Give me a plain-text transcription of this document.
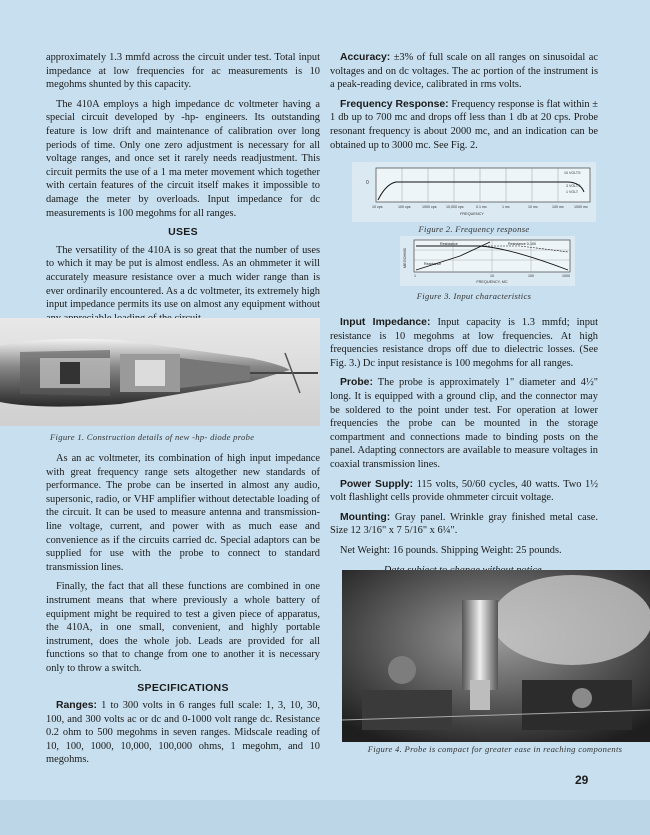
approximately 1.3 mmfd across the circuit under test. Total input impedance at low frequencies for ac measurements is 10 megohms shunted by this capacity.

The 410A employs a high impedance dc voltmeter having a special circuit developed by -hp- engineers. Its outstanding feature is low drift and maintenance of calibration over long periods of time. Only one zero adjustment is necessary for all voltage ranges, and once set it rarely needs readjustment. This circuit permits the use of a 1 ma meter movement which together with certain features of the circuit itself makes it impossible to damage the meter by overloads. Input impedance for dc measurements is 100 megohms for all ranges.

USES

The versatility of the 410A is so great that the number of uses to which it may be put is almost endless. As an ohmmeter it will accurately measure resistance over a much wider range than is ever ordinarily encountered. As a dc voltmeter, its extremely high input impedance permits its use on almost any equipment without

Figure 1. Construction details of new -hp- diode probe

As an ac voltmeter, its combination of high input impedance with great frequency range sets altogether new standards of performance. The probe can be inserted in almost any audio, supersonic, radio, or VHF amplifier without detectable loading of the circuit. It can be used to measure antenna and transmission-line voltage, current, and power with as much ease and convenience as if the circuits carried dc. Special adaptors can be supplied for use with the probe to connect to standard transmission lines.

Finally, the fact that all these functions are combined in one instrument means that where previously a whole battery of equipment might be required to test a given piece of apparatus, the 410A, in one small, convenient, and highly portable instrument, does the whole job. Leads are provided for all functions so that to change from one to another it is necessary only to throw a switch.

SPECIFICATIONS

Ranges: 1 to 300 volts in 6 ranges full scale: 1, 3, 10, 30, 100, and 300 volts ac or dc and 0-1000 volt range dc. Resistance 0.2 ohm to 500 megohms in seven ranges. Midscale reading of 10, 100, 1000, 10,000, 100,000 ohms, 1 megohm, and 10 megohms.

Accuracy: ±3% of full scale on all ranges on sinusoidal ac voltages and on dc voltages. The ac portion of the instrument is a peak-reading device, calibrated in rms volts.

Frequency Response: Frequency response is flat within ± 1 db up to 700 mc and drops off less than 1 db at 20 cps. Probe resonant frequency is about 2000 mc, and an indication can be obtained up to 3000 mc. See Fig. 2.

0
10 VOLTS
3 VOLTS
1 VOLT
10 cps	100 cps	1000 cps	10,000 cps	0.1 mc	1 mc	10 mc	100 mc	1000 mc
FREQUENCY
Figure 2. Frequency response
MEGOHMS
Resistance	Resistance 0-100
Reactance
1	10	100	1000
FREQUENCY, MC
Figure 3. Input characteristics

Input Impedance: Input capacity is 1.3 mmfd; input resistance is 10 megohms at low frequencies. At high frequencies resistance drops off due to dielectric losses. (See Fig. 3.) Dc input resistance is 100 megohms for all ranges.

Probe: The probe is approximately 1" diameter and 4½" long. It is equipped with a ground clip, and the connector may be soldered to the point under test. For operation at lower frequencies the probe can be mounted in the storage compartment and connections made to binding posts on the panel. Adapting connectors are available to measure voltages in coaxial transmission lines.

Power Supply: 115 volts, 50/60 cycles, 40 watts. Two 1½ volt flashlight cells provide ohmmeter circuit voltage.

Mounting: Gray panel. Wrinkle gray finished metal case. Size 12 3/16" x 7 5/16" x 6¼".

Net Weight: 16 pounds. Shipping Weight: 25 pounds.

Figure 4. Probe is compact for greater ease in reaching components
29
